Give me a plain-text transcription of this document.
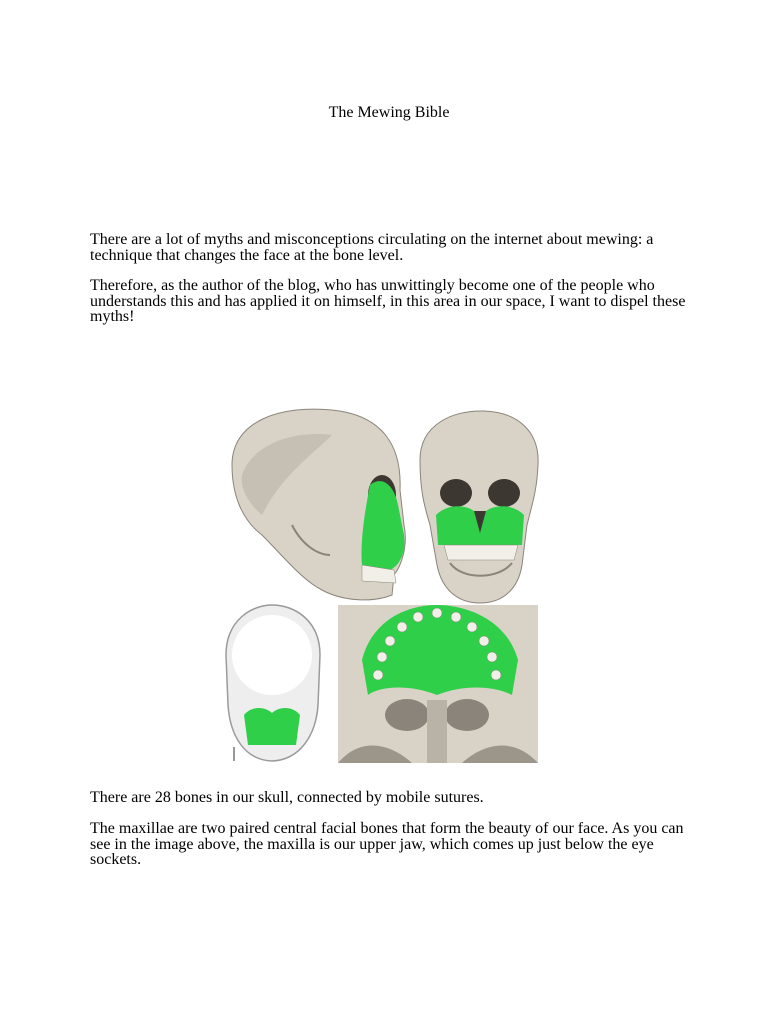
The Mewing Bible

There are a lot of myths and misconceptions circulating on the internet about mewing: a technique that changes the face at the bone level.

Therefore, as the author of the blog, who has unwittingly become one of the people who understands this and has applied it on himself, in this area in our space, I want to dispel these myths!

There are 28 bones in our skull, connected by mobile sutures.

The maxillae are two paired central facial bones that form the beauty of our face. As you can see in the image above, the maxilla is our upper jaw, which comes up just below the eye sockets.
